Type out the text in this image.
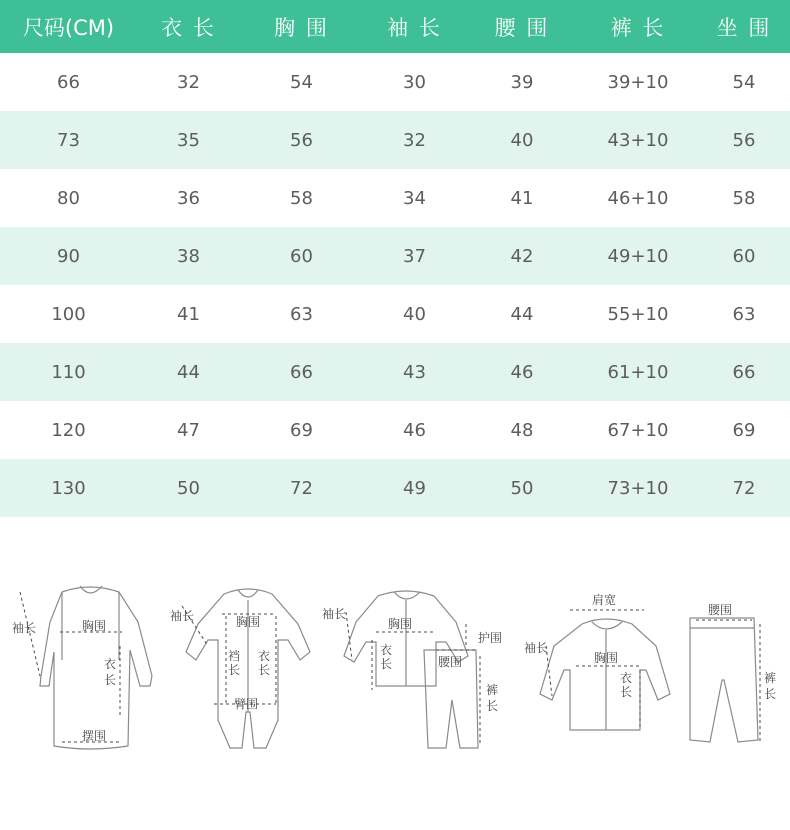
尺码(CM)	衣 长	胸 围	袖 长	腰 围	裤 长	坐 围
66	32	54	30	39	39+10	54
73	35	56	32	40	43+10	56
80	36	58	34	41	46+10	58
90	38	60	37	42	49+10	60
100	41	63	40	44	55+10	63
110	44	66	43	46	61+10	66
120	47	69	46	48	67+10	69
130	50	72	49	50	73+10	72
袖长	胸围
衣
长
摆围
袖长	胸围
裆
长
衣
长
臂围
袖长
胸围
衣
长	腰围
护围
裤
长
肩宽
袖长
胸围
衣
长
腰围
裤
长
